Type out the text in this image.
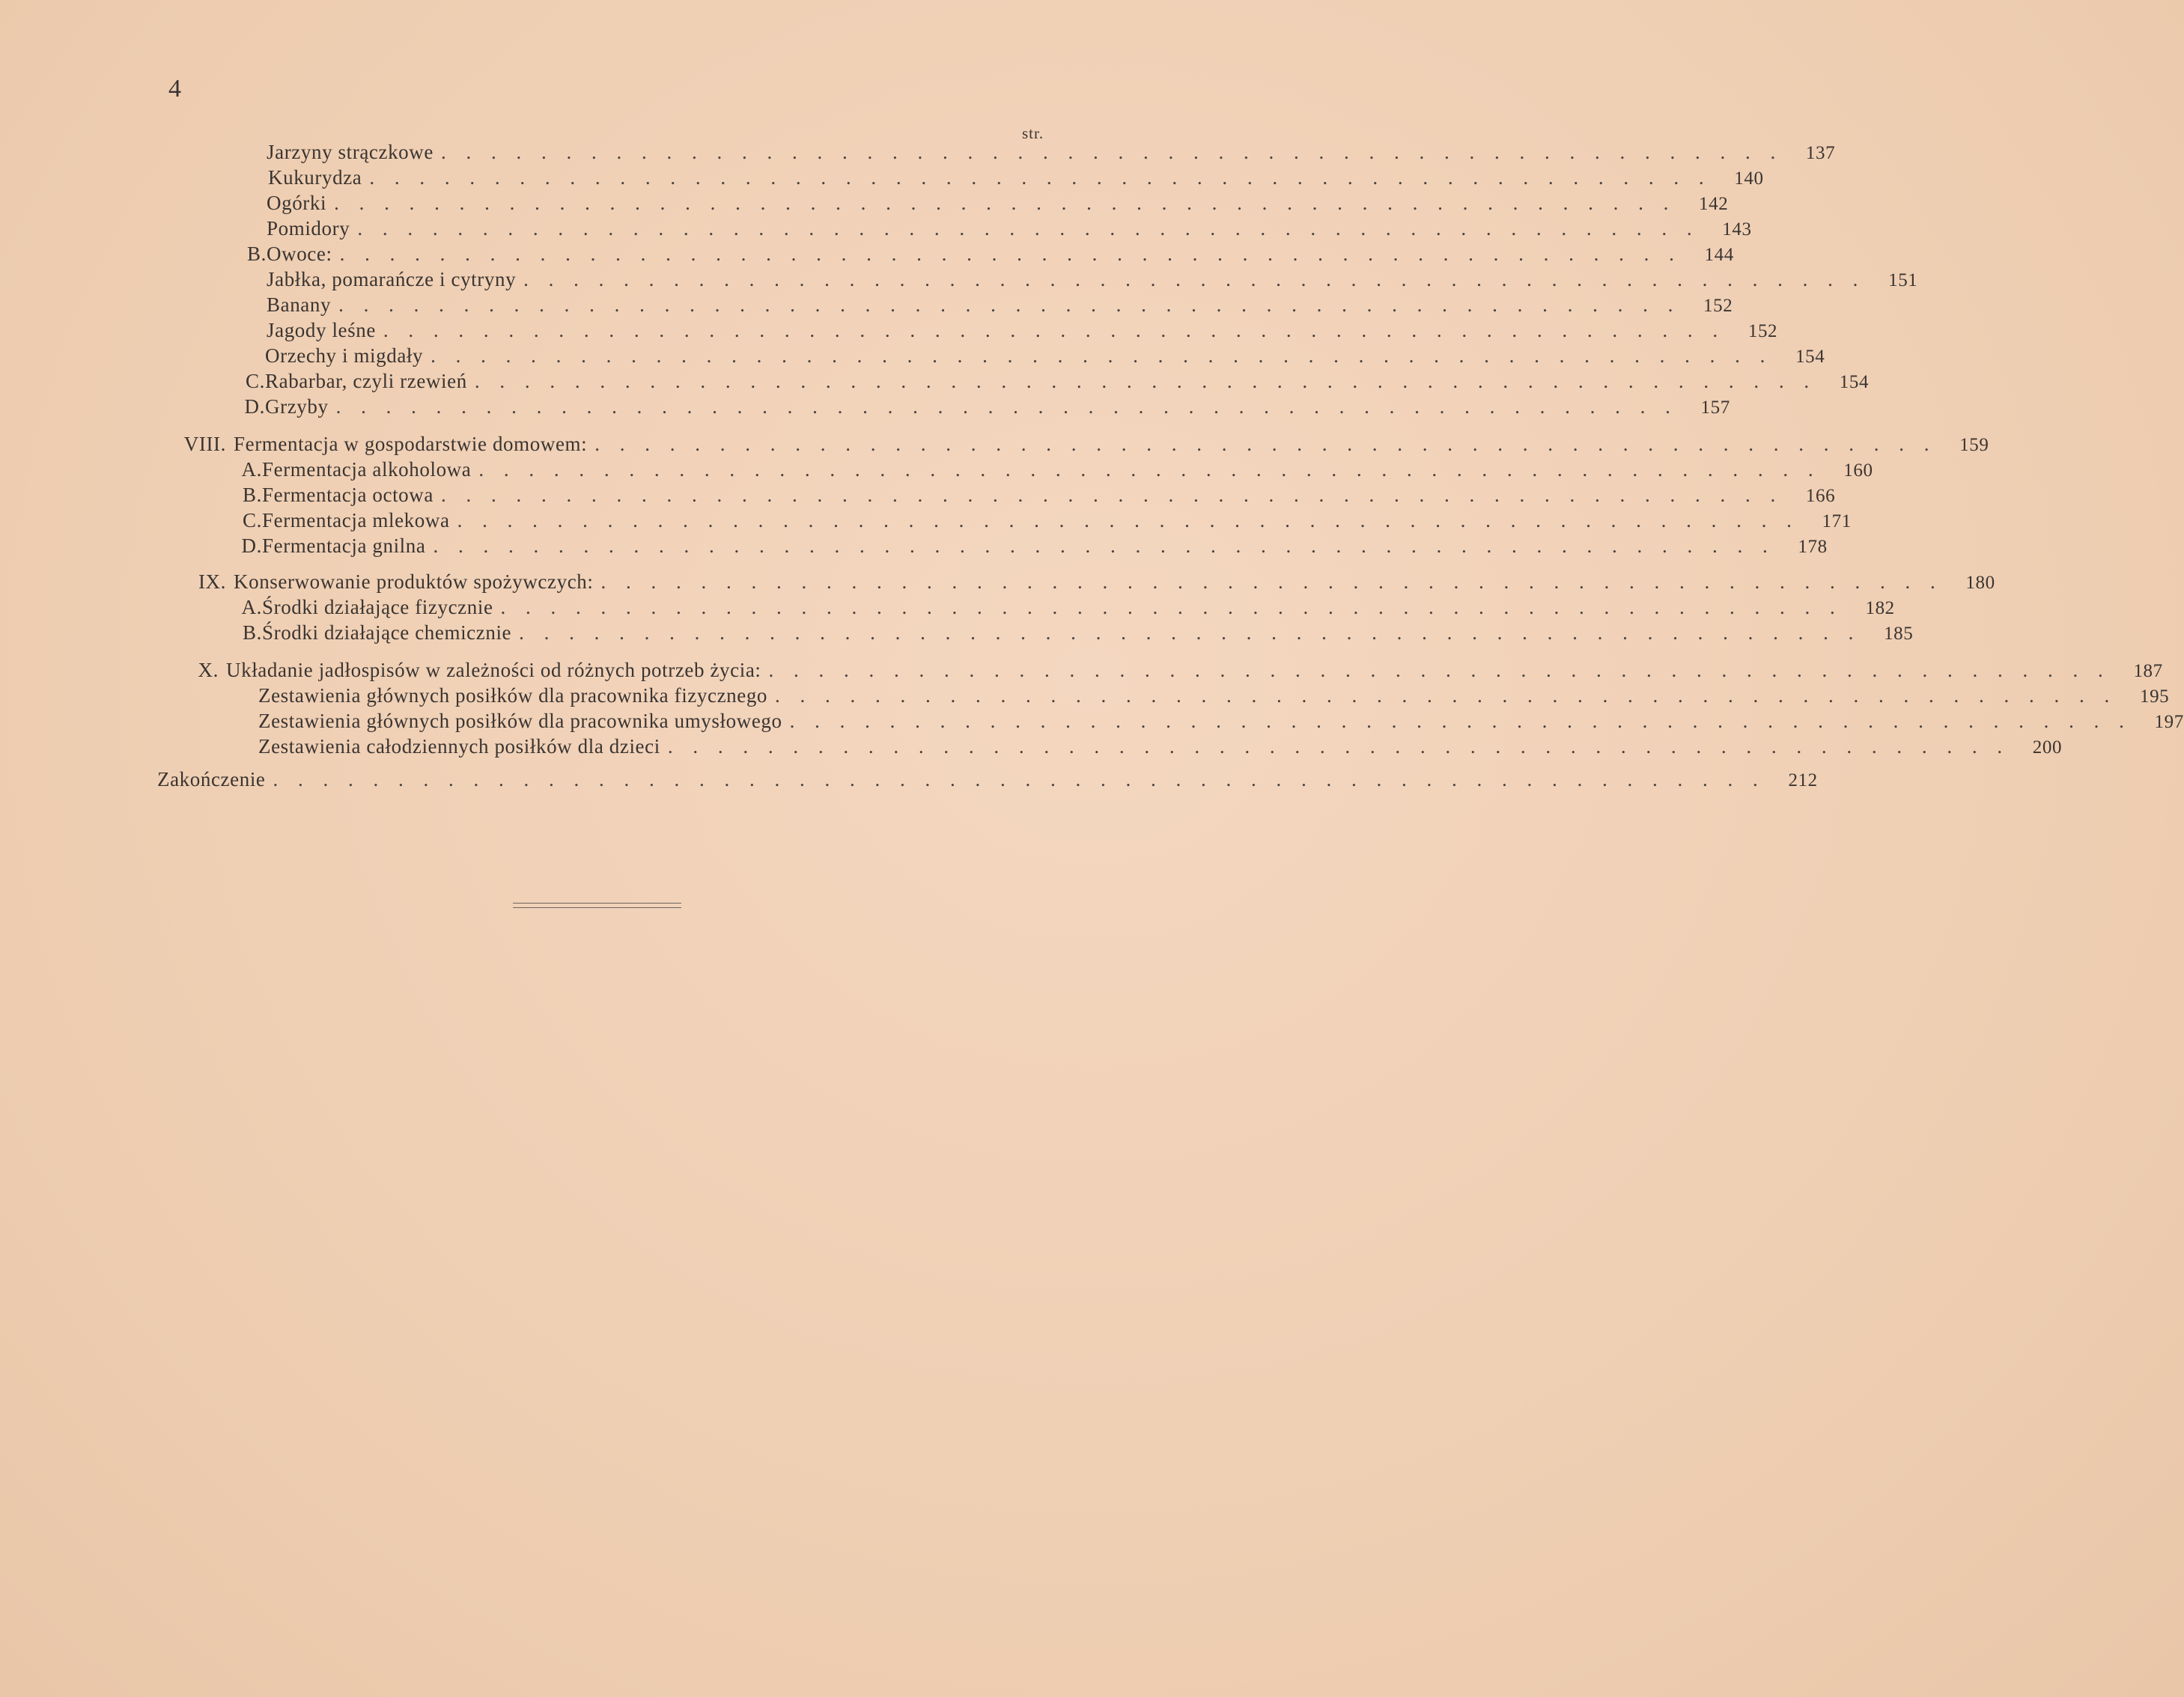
4
str.
Jarzyny strączkowe . . . . . . . . . . . . . . . . . . . . . . . . . . . . . . . . . . . . . . . . . . . . . . . . . . . . . .	137
Kukurydza . . . . . . . . . . . . . . . . . . . . . . . . . . . . . . . . . . . . . . . . . . . . . . . . . . . . . .	140
Ogórki . . . . . . . . . . . . . . . . . . . . . . . . . . . . . . . . . . . . . . . . . . . . . . . . . . . . . .	142
Pomidory . . . . . . . . . . . . . . . . . . . . . . . . . . . . . . . . . . . . . . . . . . . . . . . . . . . . . .	143
B. Owoce: . . . . . . . . . . . . . . . . . . . . . . . . . . . . . . . . . . . . . . . . . . . . . . . . . . . . . .	144
Jabłka, pomarańcze i cytryny . . . . . . . . . . . . . . . . . . . . . . . . . . . . . . . . . . . . . . . . . . . . . . . . . . . . . .	151
Banany . . . . . . . . . . . . . . . . . . . . . . . . . . . . . . . . . . . . . . . . . . . . . . . . . . . . . .	152
Jagody leśne . . . . . . . . . . . . . . . . . . . . . . . . . . . . . . . . . . . . . . . . . . . . . . . . . . . . . .	152
Orzechy i migdały . . . . . . . . . . . . . . . . . . . . . . . . . . . . . . . . . . . . . . . . . . . . . . . . . . . . . .	154
C. Rabarbar, czyli rzewień . . . . . . . . . . . . . . . . . . . . . . . . . . . . . . . . . . . . . . . . . . . . . . . . . . . . . .	154
D. Grzyby . . . . . . . . . . . . . . . . . . . . . . . . . . . . . . . . . . . . . . . . . . . . . . . . . . . . . .	157
VIII. Fermentacja w gospodarstwie domowem: . . . . . . . . . . . . . . . . . . . . . . . . . . . . . . . . . . . . . . . . . . . . . . . . . . . . . .	159
A. Fermentacja alkoholowa . . . . . . . . . . . . . . . . . . . . . . . . . . . . . . . . . . . . . . . . . . . . . . . . . . . . . .	160
B. Fermentacja octowa . . . . . . . . . . . . . . . . . . . . . . . . . . . . . . . . . . . . . . . . . . . . . . . . . . . . . .	166
C. Fermentacja mlekowa . . . . . . . . . . . . . . . . . . . . . . . . . . . . . . . . . . . . . . . . . . . . . . . . . . . . . .	171
D. Fermentacja gnilna . . . . . . . . . . . . . . . . . . . . . . . . . . . . . . . . . . . . . . . . . . . . . . . . . . . . . .	178
IX. Konserwowanie produktów spożywczych: . . . . . . . . . . . . . . . . . . . . . . . . . . . . . . . . . . . . . . . . . . . . . . . . . . . . . .	180
A. Środki działające fizycznie . . . . . . . . . . . . . . . . . . . . . . . . . . . . . . . . . . . . . . . . . . . . . . . . . . . . . .	182
B. Środki działające chemicznie . . . . . . . . . . . . . . . . . . . . . . . . . . . . . . . . . . . . . . . . . . . . . . . . . . . . . .	185
X. Układanie jadłospisów w zależności od różnych potrzeb życia: . . . . . . . . . . . . . . . . . . . . . . . . . . . . . . . . . . . . . . . . . . . . . . . . . . . . . .	187
Zestawienia głównych posiłków dla pracownika fizycznego . . . . . . . . . . . . . . . . . . . . . . . . . . . . . . . . . . . . . . . . . . . . . . . . . . . . . .	195
Zestawienia głównych posiłków dla pracownika umysłowego . . . . . . . . . . . . . . . . . . . . . . . . . . . . . . . . . . . . . . . . . . . . . . . . . . . . . .	197
Zestawienia całodziennych posiłków dla dzieci . . . . . . . . . . . . . . . . . . . . . . . . . . . . . . . . . . . . . . . . . . . . . . . . . . . . . .	200
Zakończenie . . . . . . . . . . . . . . . . . . . . . . . . . . . . . . . . . . . . . . . . . . . . . . . . . . . . . . . . . . . .	212
